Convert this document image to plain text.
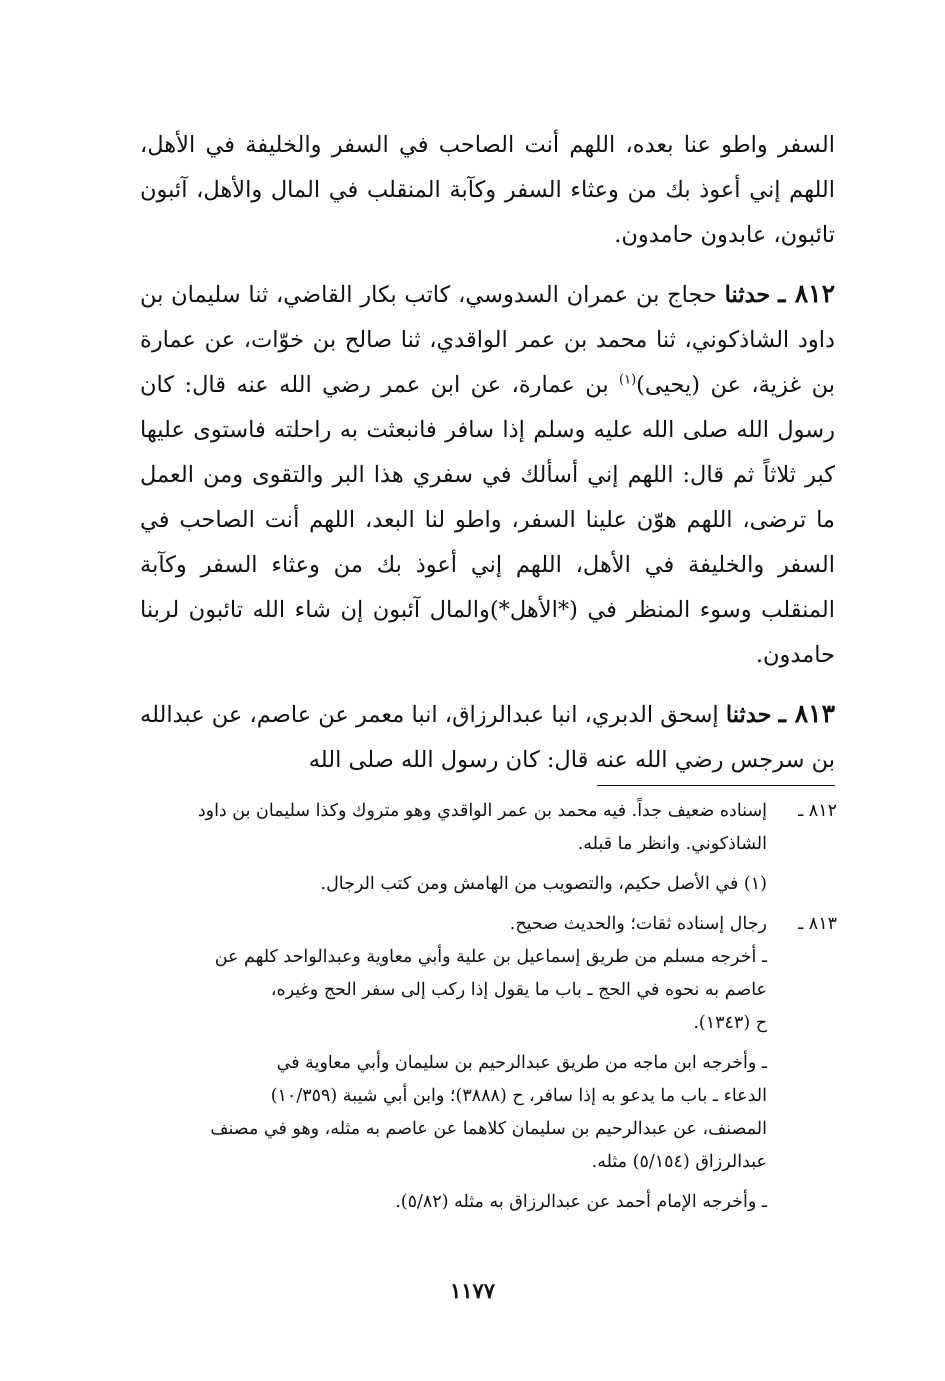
السفر واطو عنا بعده، اللهم أنت الصاحب في السفر والخليفة في الأهل، اللهم إني أعوذ بك من وعثاء السفر وكآبة المنقلب في المال والأهل، آئبون تائبون، عابدون حامدون.

٨١٢ ـ حدثنا حجاج بن عمران السدوسي، كاتب بكار القاضي، ثنا سليمان بن داود الشاذكوني، ثنا محمد بن عمر الواقدي، ثنا صالح بن خوّات، عن عمارة بن غزية، عن (يحيى)$^{(١)}$ بن عمارة، عن ابن عمر رضي الله عنه قال: كان رسول الله صلى الله عليه وسلم إذا سافر فانبعثت به راحلته فاستوى عليها كبر ثلاثاً ثم قال: اللهم إني أسألك في سفري هذا البر والتقوى ومن العمل ما ترضى، اللهم هوّن علينا السفر، واطو لنا البعد، اللهم أنت الصاحب في السفر والخليفة في الأهل، اللهم إني أعوذ بك من وعثاء السفر وكآبة المنقلب وسوء المنظر في (*الأهل*)والمال آئبون إن شاء الله تائبون لربنا حامدون.

٨١٣ ـ حدثنا إسحق الدبري، انبا عبدالرزاق، انبا معمر عن عاصم، عن عبدالله بن سرجس رضي الله عنه قال: كان رسول الله صلى الله

٨١٢ ـ

إسناده ضعيف جداً. فيه محمد بن عمر الواقدي وهو متروك وكذا سليمان بن داود

الشاذكوني. وانظر ما قبله.

(١) في الأصل حكيم، والتصويب من الهامش ومن كتب الرجال.

٨١٣ ـ

رجال إسناده ثقات؛ والحديث صحيح.

ـ أخرجه مسلم من طريق إسماعيل بن علية وأبي معاوية وعبدالواحد كلهم عن

عاصم به نحوه في الحج ـ باب ما يقول إذا ركب إلى سفر الحج وغيره،

ح (١٣٤٣).

ـ وأخرجه ابن ماجه من طريق عبدالرحيم بن سليمان وأبي معاوية في

الدعاء ـ باب ما يدعو به إذا سافر، ح (٣٨٨٨)؛ وابن أبي شيبة (١٠/٣٥٩)

المصنف، عن عبدالرحيم بن سليمان كلاهما عن عاصم به مثله، وهو في مصنف

عبدالرزاق (٥/١٥٤) مثله.

ـ وأخرجه الإمام أحمد عن عبدالرزاق به مثله (٥/٨٢).

١١٧٧
